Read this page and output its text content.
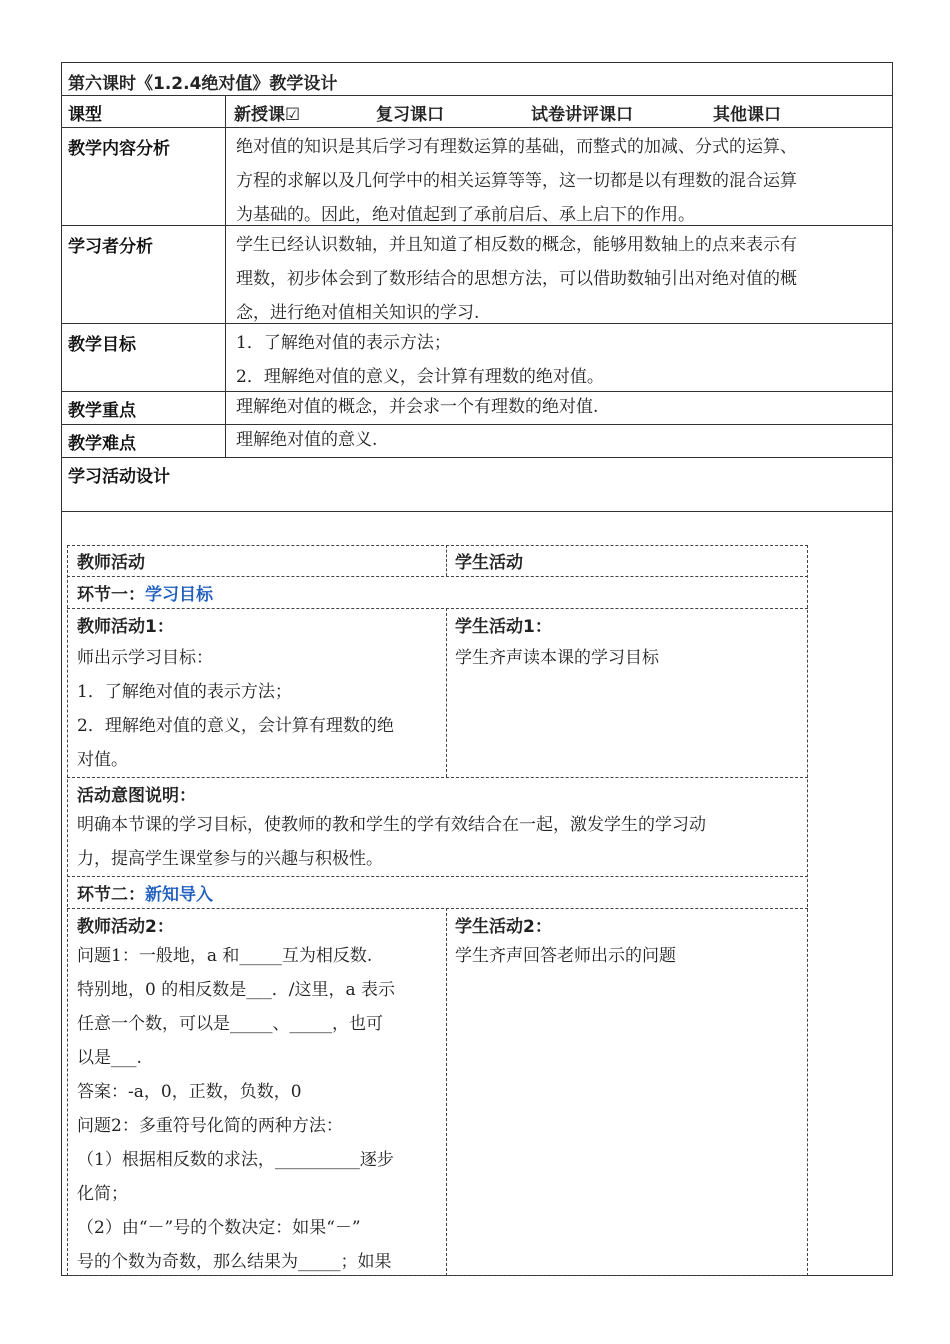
第六课时《1.2.4绝对值》教学设计
课型	新授课☑	复习课口	试卷讲评课口	其他课口
教学内容分析	绝对值的知识是其后学习有理数运算的基础，而整式的加减、分式的运算、
方程的求解以及几何学中的相关运算等等，这一切都是以有理数的混合运算
为基础的。因此，绝对值起到了承前启后、承上启下的作用。
学习者分析	学生已经认识数轴，并且知道了相反数的概念，能够用数轴上的点来表示有
理数，初步体会到了数形结合的思想方法，可以借助数轴引出对绝对值的概
念，进行绝对值相关知识的学习.
教学目标	1．了解绝对值的表示方法；
2．理解绝对值的意义，会计算有理数的绝对值。
教学重点	理解绝对值的概念，并会求一个有理数的绝对值.
教学难点	理解绝对值的意义.
学习活动设计
教师活动	学生活动
环节一：学习目标
教师活动1：
师出示学习目标：
1．了解绝对值的表示方法；
2．理解绝对值的意义，会计算有理数的绝
对值。
学生活动1：
学生齐声读本课的学习目标
活动意图说明：
明确本节课的学习目标，使教师的教和学生的学有效结合在一起，激发学生的学习动
力，提高学生课堂参与的兴趣与积极性。
环节二：新知导入
教师活动2：
问题1：一般地，a 和_____互为相反数.
特别地，0 的相反数是___．/这里，a 表示
任意一个数，可以是_____、_____，也可
以是___.
答案：-a，0，正数，负数，0
问题2：多重符号化简的两种方法：
（1）根据相反数的求法，__________逐步
化简；
（2）由“－”号的个数决定：如果“－”
号的个数为奇数，那么结果为_____；如果
学生活动2：
学生齐声回答老师出示的问题
